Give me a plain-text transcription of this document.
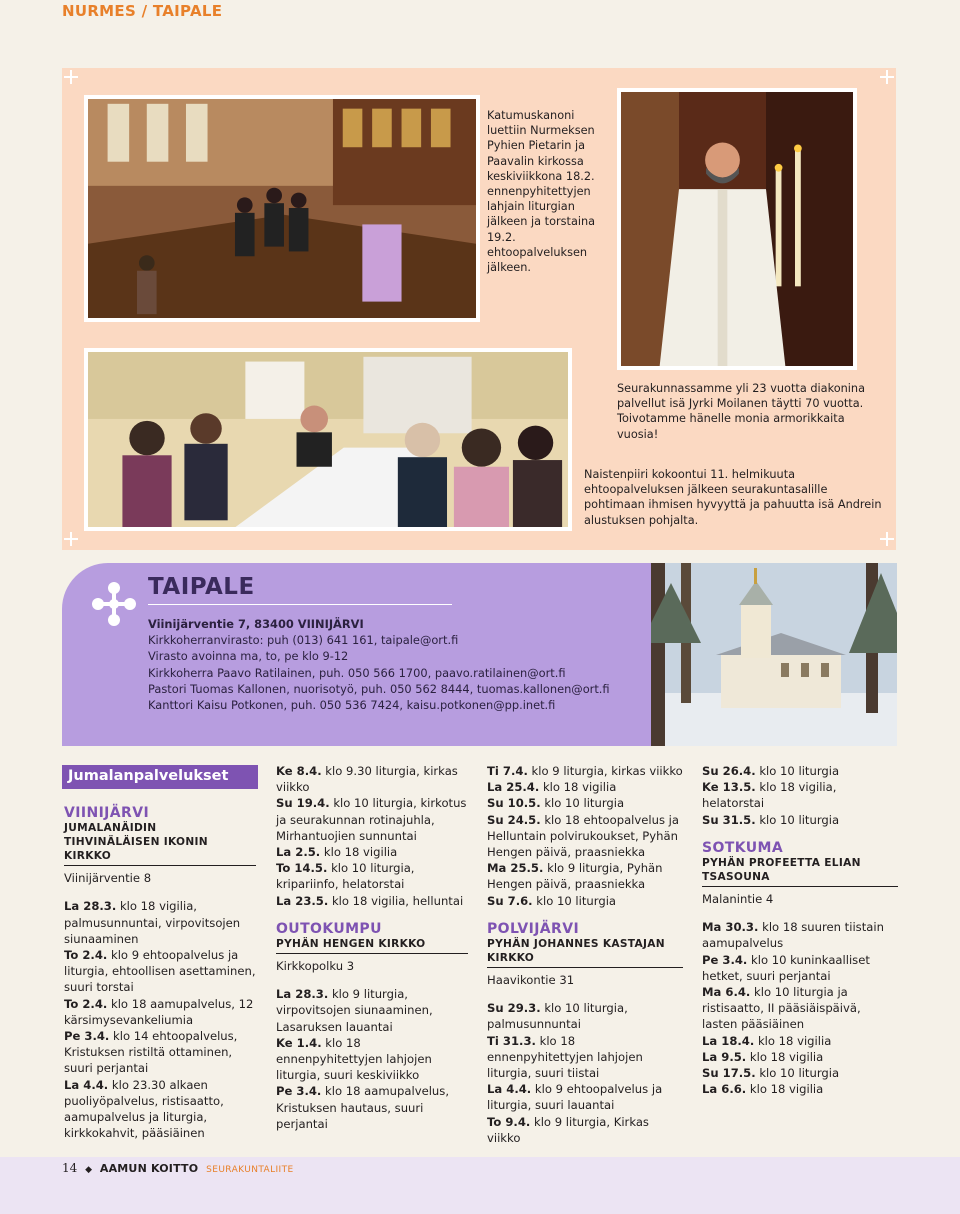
NURMES / TAIPALE
Katumuskanoni luettiin Nurmeksen Pyhien Pietarin ja Paavalin kirkossa keskiviikkona 18.2. ennenpyhitettyjen lahjain liturgian jälkeen ja torstaina 19.2. ehtoopalveluksen jälkeen.
Seurakunnassamme yli 23 vuotta diakonina palvellut isä Jyrki Moilanen täytti 70 vuotta. Toivotamme hänelle monia armorikkaita vuosia!
Naistenpiiri kokoontui 11. helmikuuta ehtoopalveluksen jälkeen seurakuntasalille pohtimaan ihmisen hyvyyttä ja pahuutta isä Andrein alustuksen pohjalta.
TAIPALE
Viinijärventie 7, 83400 VIINIJÄRVI
Kirkkoherranvirasto: puh (013) 641 161, taipale@ort.fi
Virasto avoinna ma, to, pe klo 9-12
Kirkkoherra Paavo Ratilainen, puh. 050 566 1700, paavo.ratilainen@ort.fi
Pastori Tuomas Kallonen, nuorisotyö, puh. 050 562 8444, tuomas.kallonen@ort.fi
Kanttori Kaisu Potkonen, puh. 050 536 7424, kaisu.potkonen@pp.inet.fi
Jumalanpalvelukset
VIINIJÄRVI
JUMALANÄIDIN TIHVINÄLÄISEN IKONIN KIRKKO
Viinijärventie 8
La 28.3. klo 18 vigilia, palmusunnuntai, virpovitsojen siunaaminen
To 2.4. klo 9 ehtoopalvelus ja liturgia, ehtoollisen asettaminen, suuri torstai
To 2.4. klo 18 aamupalvelus, 12 kärsimysevankeliumia
Pe 3.4. klo 14 ehtoopalvelus, Kristuksen ristiltä ottaminen, suuri perjantai
La 4.4. klo 23.30 alkaen puoliyöpalvelus, ristisaatto, aamupalvelus ja liturgia, kirkkokahvit, pääsiäinen
Ke 8.4. klo 9.30 liturgia, kirkas viikko
Su 19.4. klo 10 liturgia, kirkotus ja seurakunnan rotinajuhla, Mirhantuojien sunnuntai
La 2.5. klo 18 vigilia
To 14.5. klo 10 liturgia, kripariinfo, helatorstai
La 23.5. klo 18 vigilia, helluntai
OUTOKUMPU
PYHÄN HENGEN KIRKKO
Kirkkopolku 3
La 28.3. klo 9 liturgia, virpovitsojen siunaaminen, Lasaruksen lauantai
Ke 1.4. klo 18 ennenpyhitettyjen lahjojen liturgia, suuri keskiviikko
Pe 3.4. klo 18 aamupalvelus, Kristuksen hautaus, suuri perjantai
Ti 7.4. klo 9 liturgia, kirkas viikko
La 25.4. klo 18 vigilia
Su 10.5. klo 10 liturgia
Su 24.5. klo 18 ehtoopalvelus ja Helluntain polvirukoukset, Pyhän Hengen päivä, praasniekka
Ma 25.5. klo 9 liturgia, Pyhän Hengen päivä, praasniekka
Su 7.6. klo 10 liturgia
POLVIJÄRVI
PYHÄN JOHANNES KASTAJAN KIRKKO
Haavikontie 31
Su 29.3. klo 10 liturgia, palmusunnuntai
Ti 31.3. klo 18 ennenpyhitettyjen lahjojen liturgia, suuri tiistai
La 4.4. klo 9 ehtoopalvelus ja liturgia, suuri lauantai
To 9.4. klo 9 liturgia, Kirkas viikko
Su 26.4. klo 10 liturgia
Ke 13.5. klo 18 vigilia, helatorstai
Su 31.5. klo 10 liturgia
SOTKUMA
PYHÄN PROFEETTA ELIAN TSASOUNA
Malanintie 4
Ma 30.3. klo 18 suuren tiistain aamupalvelus
Pe 3.4. klo 10 kuninkaalliset hetket, suuri perjantai
Ma 6.4. klo 10 liturgia ja ristisaatto, II pääsiäispäivä, lasten pääsiäinen
La 18.4. klo 18 vigilia
La 9.5. klo 18 vigilia
Su 17.5. klo 10 liturgia
La 6.6. klo 18 vigilia
14 ◆ AAMUN KOITTO SEURAKUNTALIITE
